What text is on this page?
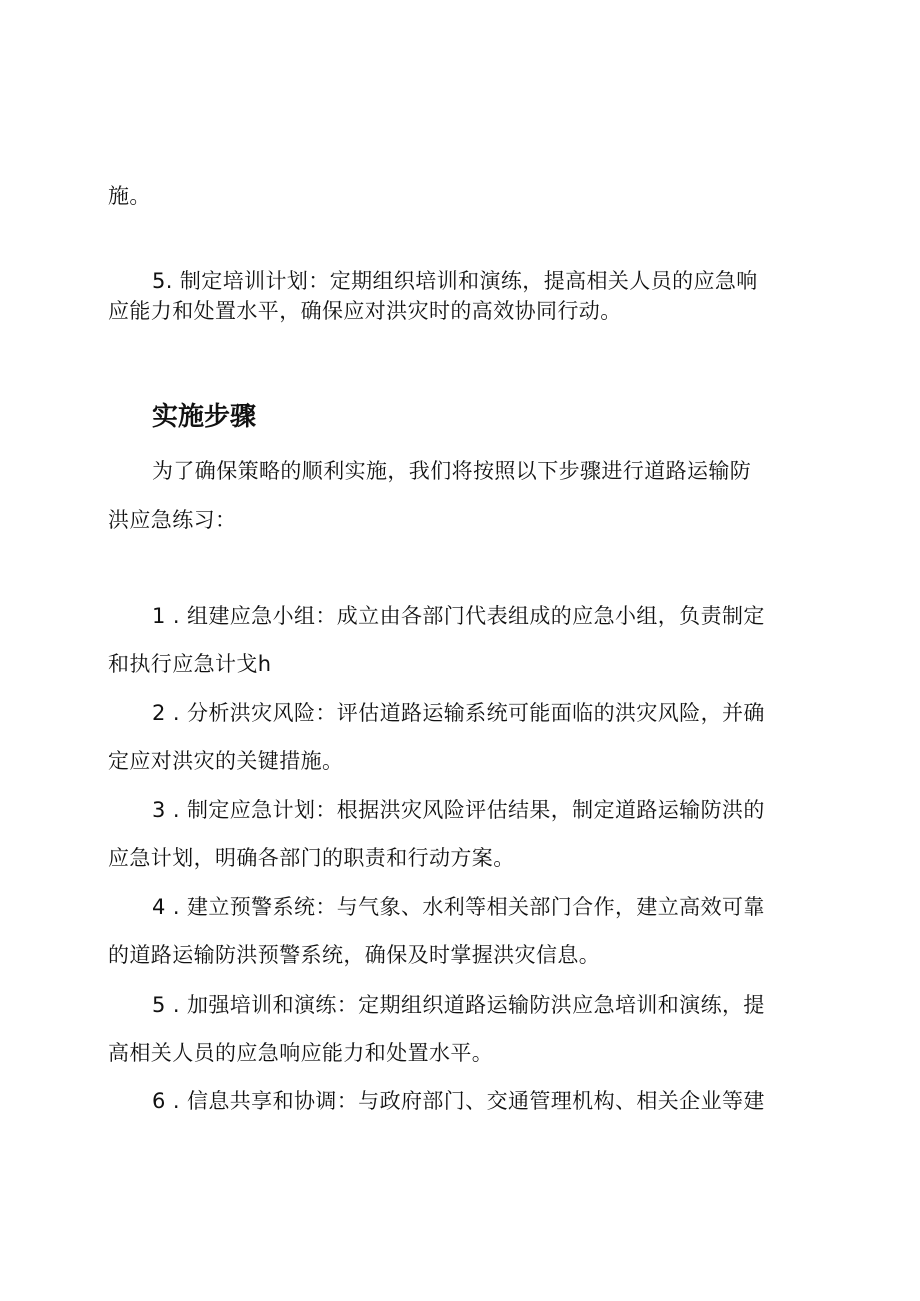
施。
5. 制定培训计划：定期组织培训和演练，提高相关人员的应急响
应能力和处置水平，确保应对洪灾时的高效协同行动。
实施步骤
为了确保策略的顺利实施，我们将按照以下步骤进行道路运输防
洪应急练习：
1 . 组建应急小组：成立由各部门代表组成的应急小组，负责制定
和执行应急计戈h
2 . 分析洪灾风险：评估道路运输系统可能面临的洪灾风险，并确
定应对洪灾的关键措施。
3 . 制定应急计划：根据洪灾风险评估结果，制定道路运输防洪的
应急计划，明确各部门的职责和行动方案。
4 . 建立预警系统：与气象、水利等相关部门合作，建立高效可靠
的道路运输防洪预警系统，确保及时掌握洪灾信息。
5 . 加强培训和演练：定期组织道路运输防洪应急培训和演练，提
高相关人员的应急响应能力和处置水平。
6 . 信息共享和协调：与政府部门、交通管理机构、相关企业等建
